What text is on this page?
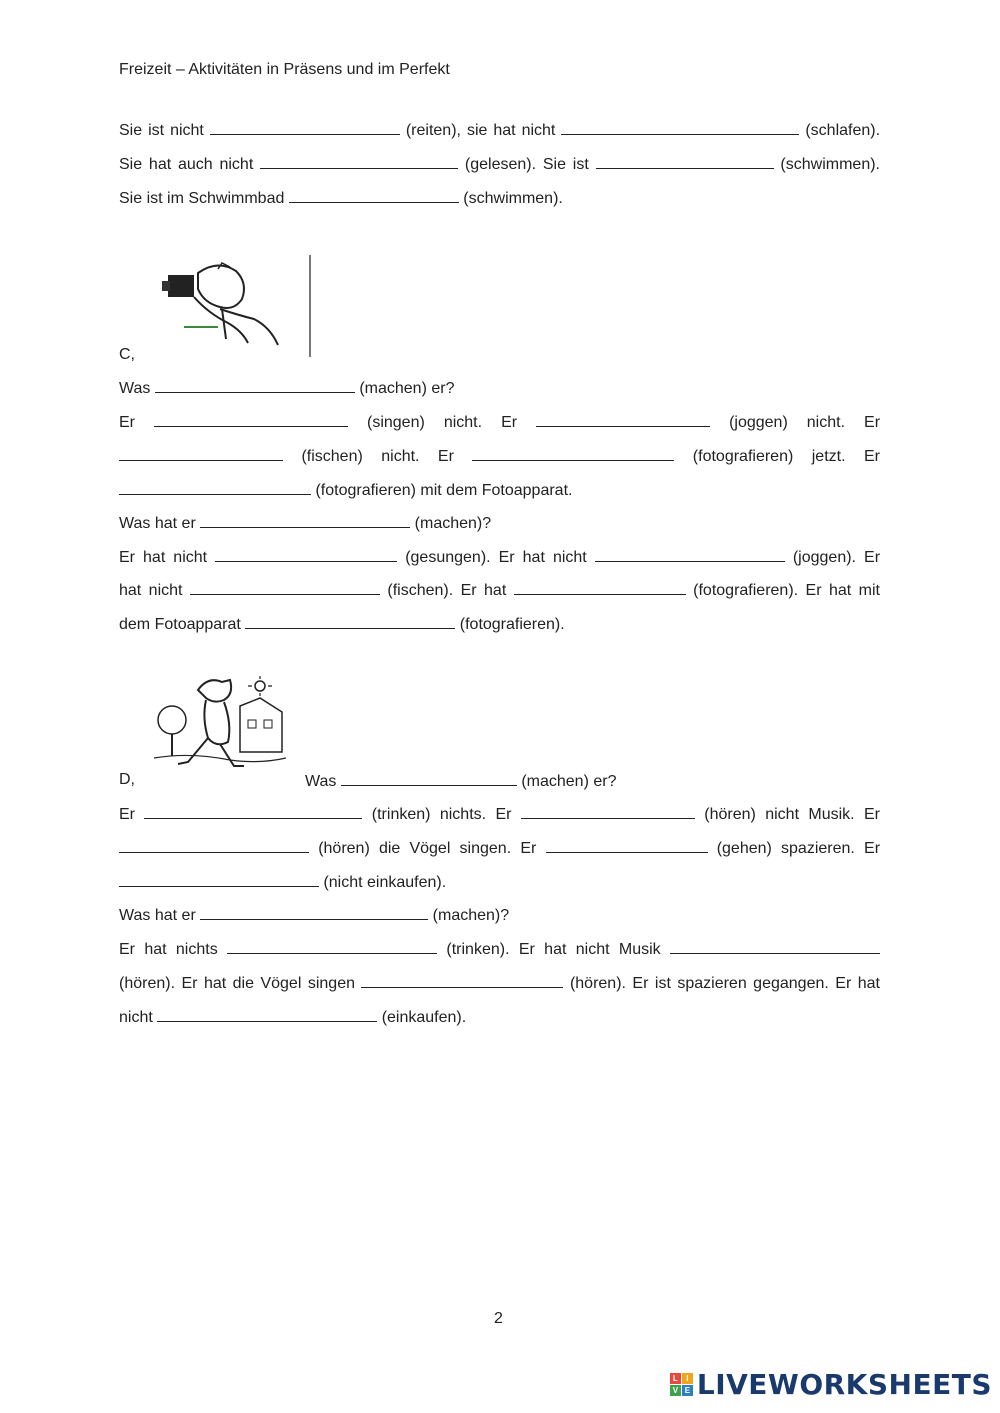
Freizeit – Aktivitäten in Präsens und im Perfekt
Sie ist nicht	(reiten), sie hat nicht	(schlafen).
Sie hat auch nicht	(gelesen). Sie ist	(schwimmen).
Sie ist im Schwimmbad	(schwimmen).
C,
Was	(machen) er?
Er	(singen) nicht. Er	(joggen) nicht. Er
(fischen) nicht. Er	(fotografieren) jetzt. Er
(fotografieren) mit dem Fotoapparat.
Was hat er	(machen)?
Er hat nicht	(gesungen). Er hat nicht	(joggen). Er
hat nicht	(fischen). Er hat	(fotografieren). Er hat mit
dem Fotoapparat	(fotografieren).
D,	Was	(machen) er?
Er	(trinken) nichts. Er	(hören) nicht Musik. Er
(hören) die Vögel singen. Er	(gehen) spazieren. Er
(nicht einkaufen).
Was hat er	(machen)?
Er hat nichts	(trinken). Er hat nicht Musik
(hören). Er hat die Vögel singen	(hören). Er ist spazieren gegangen. Er hat
nicht	(einkaufen).
2
L	I
V E LIVEWORKSHEETS
